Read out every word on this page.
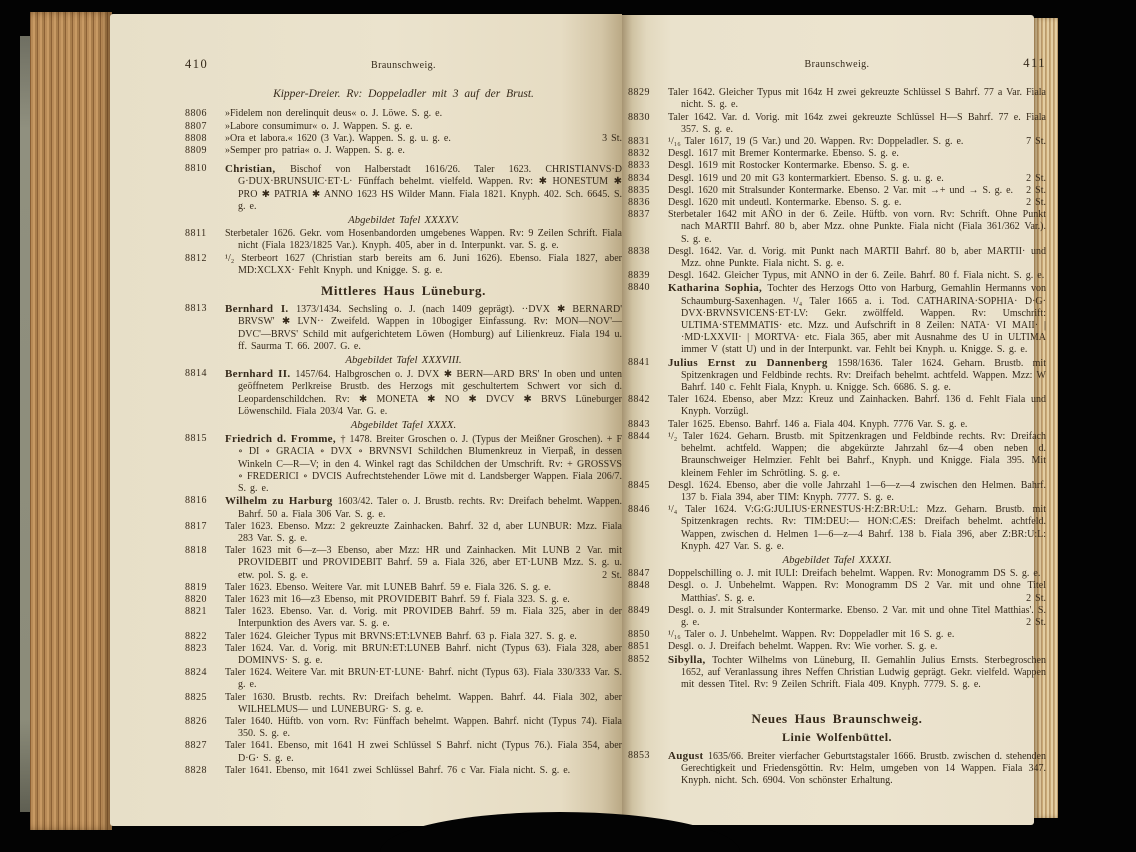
410	Braunschweig.
Kipper-Dreier. Rv: Doppeladler mit 3 auf der Brust.
8806	»Fidelem non derelinquit deus« o. J. Löwe. S. g. e.
8807	»Labore consumimur« o. J. Wappen. S. g. e.
8808	»Ora et labora.« 1620 (3 Var.). Wappen. S. g. u. g. e.	3 St.
8809	»Semper pro patria« o. J. Wappen. S. g. e.
8810	Christian, Bischof von Halberstadt 1616/26. Taler 1623. CHRISTIANVS·D G·DUX·BRUNSUIC·ET·L· Fünffach behelmt. vielfeld. Wappen. Rv: ✱ HONESTUM ✱ PRO ✱ PATRIA ✱ ANNO 1623 HS Wilder Mann. Fiala 1821. Knyph. 402. Sch. 6645. S. g. e.
Abgebildet Tafel XXXXV.
8811	Sterbetaler 1626. Gekr. vom Hosenbandorden umgebenes Wappen. Rv: 9 Zeilen Schrift. Fiala nicht (Fiala 1823/1825 Var.). Knyph. 405, aber in d. Interpunkt. var. S. g. e.
8812	¹/₂ Sterbeort 1627 (Christian starb bereits am 6. Juni 1626). Ebenso. Fiala 1827, aber MD:XCLXX· Fehlt Knyph. und Knigge. S. g. e.
Mittleres Haus Lüneburg.
8813	Bernhard I. 1373/1434. Sechsling o. J. (nach 1409 geprägt). ··DVX ✱ BERNARD' BRVSW' ✱ LVN·· Zweifeld. Wappen in 10bogiger Einfassung. Rv: MON—NOV'—DVC'—BRVS' Schild mit aufgerichtetem Löwen (Homburg) auf Lilienkreuz. Fiala 194 u. ff. Saurma T. 66. 2007. G. e.
Abgebildet Tafel XXXVIII.
8814	Bernhard II. 1457/64. Halbgroschen o. J. DVX ✱ BERN—ARD BRS' In oben und unten geöffnetem Perlkreise Brustb. des Herzogs mit geschultertem Schwert vor sich d. Leopardenschildchen. Rv: ✱ MONETA ✱ NO ✱ DVCV ✱ BRVS Lüneburger Löwenschild. Fiala 203/4 Var. G. e.
Abgebildet Tafel XXXX.
8815	Friedrich d. Fromme, † 1478. Breiter Groschen o. J. (Typus der Meißner Groschen). + F ∘ DI ∘ GRACIA ∘ DVX ∘ BRVNSVI Schildchen Blumenkreuz in Vierpaß, in dessen Winkeln C—R—V; in den 4. Winkel ragt das Schildchen der Umschrift. Rv: + GROSSVS ∘ FREDERICI ∘ DVCIS Aufrechtstehender Löwe mit d. Landsberger Wappen. Fiala 206/7. S. g. e.
8816	Wilhelm zu Harburg 1603/42. Taler o. J. Brustb. rechts. Rv: Dreifach behelmt. Wappen. Bahrf. 50 a. Fiala 306 Var. S. g. e.
8817	Taler 1623. Ebenso. Mzz: 2 gekreuzte Zainhacken. Bahrf. 32 d, aber LUNBUR: Mzz. Fiala 283 Var. S. g. e.
8818	Taler 1623 mit 6—z—3 Ebenso, aber Mzz: HR und Zainhacken. Mit LUNB 2 Var. mit PROVIDEBIT und PROVIDEBIT Bahrf. 59 a. Fiala 326, aber ET·LUNB Mzz. S. g. u. etw. pol. S. g. e.	2 St.
8819	Taler 1623. Ebenso. Weitere Var. mit LUNEB Bahrf. 59 e. Fiala 326. S. g. e.
8820	Taler 1623 mit 16—z3 Ebenso, mit PROVIDEBIT Bahrf. 59 f. Fiala 323. S. g. e.
8821	Taler 1623. Ebenso. Var. d. Vorig. mit PROVIDEB Bahrf. 59 m. Fiala 325, aber in der Interpunktion des Avers var. S. g. e.
8822	Taler 1624. Gleicher Typus mit BRVNS:ET:LVNEB Bahrf. 63 p. Fiala 327. S. g. e.
8823	Taler 1624. Var. d. Vorig. mit BRUN:ET:LUNEB Bahrf. nicht (Typus 63). Fiala 328, aber DOMINVS· S. g. e.
8824	Taler 1624. Weitere Var. mit BRUN·ET·LUNE· Bahrf. nicht (Typus 63). Fiala 330/333 Var. S. g. e.
8825	Taler 1630. Brustb. rechts. Rv: Dreifach behelmt. Wappen. Bahrf. 44. Fiala 302, aber WILHELMUS— und LUNEBURG· S. g. e.
8826	Taler 1640. Hüftb. von vorn. Rv: Fünffach behelmt. Wappen. Bahrf. nicht (Typus 74). Fiala 350. S. g. e.
8827	Taler 1641. Ebenso, mit 1641 H zwei Schlüssel S Bahrf. nicht (Typus 76.). Fiala 354, aber D·G· S. g. e.
8828	Taler 1641. Ebenso, mit 1641 zwei Schlüssel Bahrf. 76 c Var. Fiala nicht. S. g. e.
Braunschweig.	411
8829	Taler 1642. Gleicher Typus mit 164z H zwei gekreuzte Schlüssel S Bahrf. 77 a Var. Fiala nicht. S. g. e.
8830	Taler 1642. Var. d. Vorig. mit 164z zwei gekreuzte Schlüssel H—S Bahrf. 77 e. Fiala 357. S. g. e.
8831	¹/₁₆ Taler 1617, 19 (5 Var.) und 20. Wappen. Rv: Doppeladler. S. g. e.	7 St.
8832	Desgl. 1617 mit Bremer Kontermarke. Ebenso. S. g. e.
8833	Desgl. 1619 mit Rostocker Kontermarke. Ebenso. S. g. e.
8834	Desgl. 1619 und 20 mit G3 kontermarkiert. Ebenso. S. g. u. g. e.	2 St.
8835	Desgl. 1620 mit Stralsunder Kontermarke. Ebenso. 2 Var. mit →+ und → S. g. e.	2 St.
8836	Desgl. 1620 mit undeutl. Kontermarke. Ebenso. S. g. e.	2 St.
8837	Sterbetaler 1642 mit AÑO in der 6. Zeile. Hüftb. von vorn. Rv: Schrift. Ohne Punkt nach MARTII Bahrf. 80 b, aber Mzz. ohne Punkte. Fiala nicht (Fiala 361/362 Var.). S. g. e.
8838	Desgl. 1642. Var. d. Vorig. mit Punkt nach MARTII Bahrf. 80 b, aber MARTII· und Mzz. ohne Punkte. Fiala nicht. S. g. e.
8839	Desgl. 1642. Gleicher Typus, mit ANNO in der 6. Zeile. Bahrf. 80 f. Fiala nicht. S. g. e.
8840	Katharina Sophia, Tochter des Herzogs Otto von Harburg, Gemahlin Hermanns von Schaumburg-Saxenhagen. ¹/₄ Taler 1665 a. i. Tod. CATHARINA·SOPHIA· D·G· DVX·BRVNSVICENS·ET·LV: Gekr. zwölffeld. Wappen. Rv: Umschrift: ULTIMA·STEMMATIS· etc. Mzz. und Aufschrift in 8 Zeilen: NATA· VI MAII· | ·MD·LXXVII· | MORTVA· etc. Fiala 365, aber mit Ausnahme des U in ULTIMA immer V (statt U) und in der Interpunkt. var. Fehlt bei Knyph. u. Knigge. S. g. e.
8841	Julius Ernst zu Dannenberg 1598/1636. Taler 1624. Geharn. Brustb. mit Spitzenkragen und Feldbinde rechts. Rv: Dreifach behelmt. achtfeld. Wappen. Mzz: W Bahrf. 140 c. Fehlt Fiala, Knyph. u. Knigge. Sch. 6686. S. g. e.
8842	Taler 1624. Ebenso, aber Mzz: Kreuz und Zainhacken. Bahrf. 136 d. Fehlt Fiala und Knyph. Vorzügl.
8843	Taler 1625. Ebenso. Bahrf. 146 a. Fiala 404. Knyph. 7776 Var. S. g. e.
8844	¹/₂ Taler 1624. Geharn. Brustb. mit Spitzenkragen und Feldbinde rechts. Rv: Dreifach behelmt. achtfeld. Wappen; die abgekürzte Jahrzahl 6z—4 oben neben d. Braunschweiger Helmzier. Fehlt bei Bahrf., Knyph. und Knigge. Fiala 395. Mit kleinem Fehler im Schrötling. S. g. e.
8845	Desgl. 1624. Ebenso, aber die volle Jahrzahl 1—6—z—4 zwischen den Helmen. Bahrf. 137 b. Fiala 394, aber TIM: Knyph. 7777. S. g. e.
8846	¹/₄ Taler 1624. V:G:G:JULIUS·ERNESTUS·H:Z:BR:U:L: Mzz. Geharn. Brustb. mit Spitzenkragen rechts. Rv: TIM:DEU:— HON:CÆS: Dreifach behelmt. achtfeld. Wappen, zwischen d. Helmen 1—6—z—4 Bahrf. 138 b. Fiala 396, aber Z:BR:U:L: Knyph. 427 Var. S. g. e.
Abgebildet Tafel XXXXI.
8847	Doppelschilling o. J. mit IULI: Dreifach behelmt. Wappen. Rv: Monogramm DS S. g. e.
8848	Desgl. o. J. Unbehelmt. Wappen. Rv: Monogramm DS 2 Var. mit und ohne Titel Matthias'. S. g. e.	2 St.
8849	Desgl. o. J. mit Stralsunder Kontermarke. Ebenso. 2 Var. mit und ohne Titel Matthias'. S. g. e.	2 St.
8850	¹/₁₆ Taler o. J. Unbehelmt. Wappen. Rv: Doppeladler mit 16 S. g. e.
8851	Desgl. o. J. Dreifach behelmt. Wappen. Rv: Wie vorher. S. g. e.
8852	Sibylla, Tochter Wilhelms von Lüneburg, II. Gemahlin Julius Ernsts. Sterbegroschen 1652, auf Veranlassung ihres Neffen Christian Ludwig geprägt. Gekr. vielfeld. Wappen mit dessen Titel. Rv: 9 Zeilen Schrift. Fiala 409. Knyph. 7779. S. g. e.
Neues Haus Braunschweig.
Linie Wolfenbüttel.
8853	August 1635/66. Breiter vierfacher Geburtstagstaler 1666. Brustb. zwischen d. stehenden Gerechtigkeit und Friedensgöttin. Rv: Helm, umgeben von 14 Wappen. Fiala 347. Knyph. nicht. Sch. 6904. Von schönster Erhaltung.
